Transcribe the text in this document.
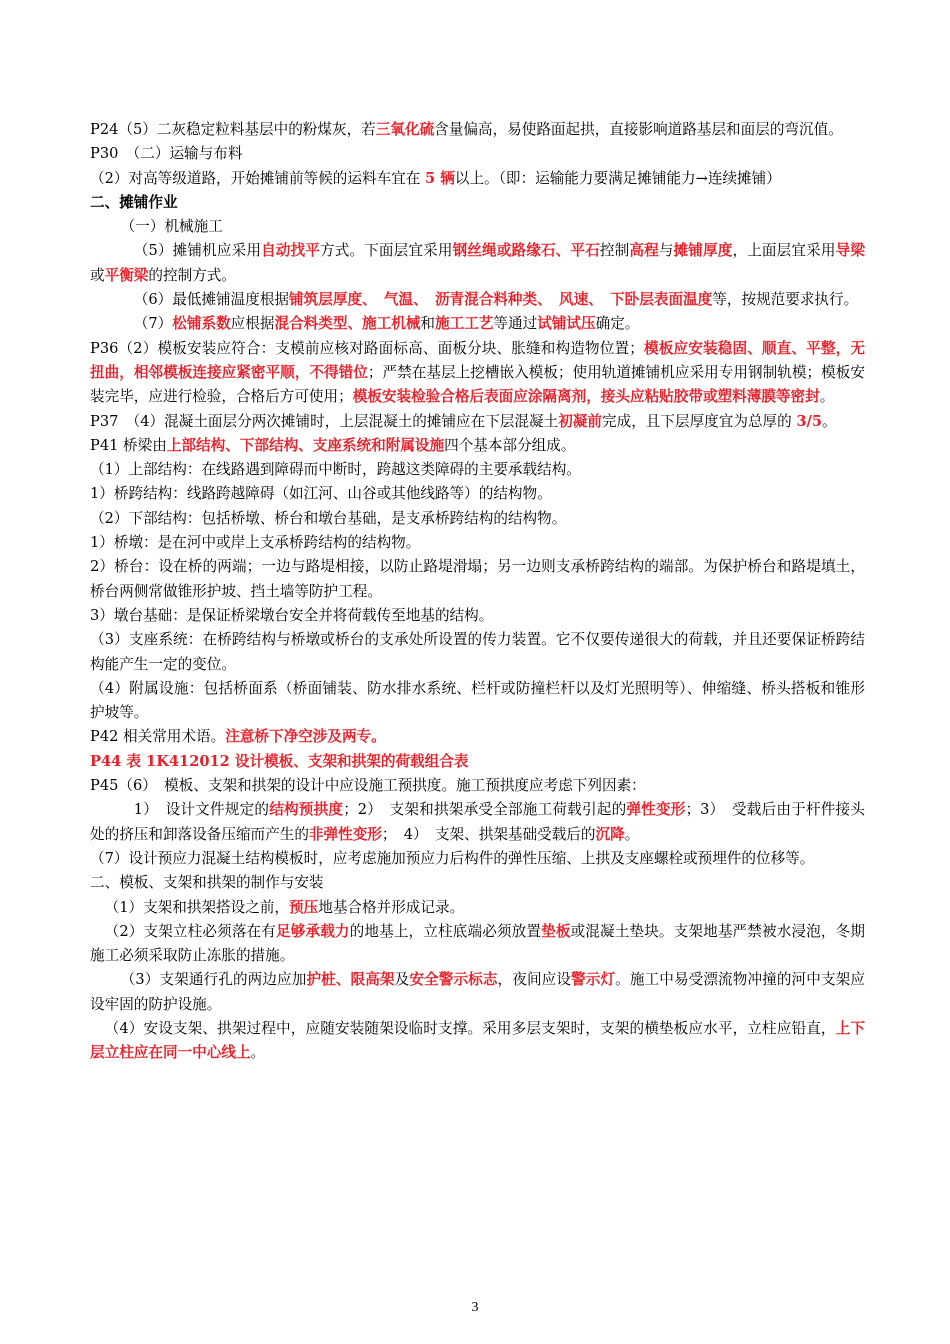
P24（5）二灰稳定粒料基层中的粉煤灰，若三氧化硫含量偏高，易使路面起拱，直接影响道路基层和面层的弯沉值。

P30　（二）运输与布料

（2）对高等级道路，开始摊铺前等候的运料车宜在 5 辆以上。（即：运输能力要满足摊铺能力→连续摊铺）

二、摊铺作业

（一）机械施工

（5）摊铺机应采用自动找平方式。下面层宜采用钢丝绳或路缘石、平石控制高程与摊铺厚度，上面层宜采用导梁或平衡梁的控制方式。

（6）最低摊铺温度根据铺筑层厚度、　气温、　沥青混合料种类、　风速、　下卧层表面温度等，按规范要求执行。

（7）松铺系数应根据混合料类型、施工机械和施工工艺等通过试铺试压确定。

P36（2）模板安装应符合：支模前应核对路面标高、面板分块、胀缝和构造物位置；模板应安装稳固、顺直、平整，无扭曲，相邻模板连接应紧密平顺，不得错位；严禁在基层上挖槽嵌入模板；使用轨道摊铺机应采用专用钢制轨模；模板安装完毕，应进行检验，合格后方可使用；模板安装检验合格后表面应涂隔离剂，接头应粘贴胶带或塑料薄膜等密封。

P37　（4）混凝土面层分两次摊铺时，上层混凝土的摊铺应在下层混凝土初凝前完成，且下层厚度宜为总厚的 3/5。

P41 桥梁由上部结构、下部结构、支座系统和附属设施四个基本部分组成。

（1）上部结构：在线路遇到障碍而中断时，跨越这类障碍的主要承载结构。

1）桥跨结构：线路跨越障碍（如江河、山谷或其他线路等）的结构物。

（2）下部结构：包括桥墩、桥台和墩台基础，是支承桥跨结构的结构物。

1）桥墩：是在河中或岸上支承桥跨结构的结构物。

2）桥台：设在桥的两端；一边与路堤相接，以防止路堤滑塌；另一边则支承桥跨结构的端部。为保护桥台和路堤填土，桥台两侧常做锥形护坡、挡土墙等防护工程。

3）墩台基础：是保证桥梁墩台安全并将荷载传至地基的结构。

（3）支座系统：在桥跨结构与桥墩或桥台的支承处所设置的传力装置。它不仅要传递很大的荷载，并且还要保证桥跨结构能产生一定的变位。

（4）附属设施：包括桥面系（桥面铺装、防水排水系统、栏杆或防撞栏杆以及灯光照明等）、伸缩缝、桥头搭板和锥形护坡等。

P42 相关常用术语。注意桥下净空涉及两专。

P44 表 1K412012 设计模板、支架和拱架的荷载组合表

P45（6）　模板、支架和拱架的设计中应设施工预拱度。施工预拱度应考虑下列因素：

1）　设计文件规定的结构预拱度；2）　支架和拱架承受全部施工荷载引起的弹性变形；3）　受载后由于杆件接头处的挤压和卸落设备压缩而产生的非弹性变形；　4）　支架、拱架基础受载后的沉降。

（7）设计预应力混凝土结构模板时，应考虑施加预应力后构件的弹性压缩、上拱及支座螺栓或预埋件的位移等。

二、模板、支架和拱架的制作与安装

（1）支架和拱架搭设之前，预压地基合格并形成记录。

（2）支架立柱必须落在有足够承载力的地基上，立柱底端必须放置垫板或混凝土垫块。支架地基严禁被水浸泡，冬期施工必须采取防止冻胀的措施。

（3）支架通行孔的两边应加护桩、限高架及安全警示标志，夜间应设警示灯。施工中易受漂流物冲撞的河中支架应设牢固的防护设施。

（4）安设支架、拱架过程中，应随安装随架设临时支撑。采用多层支架时，支架的横垫板应水平，立柱应铅直，上下层立柱应在同一中心线上。

3
